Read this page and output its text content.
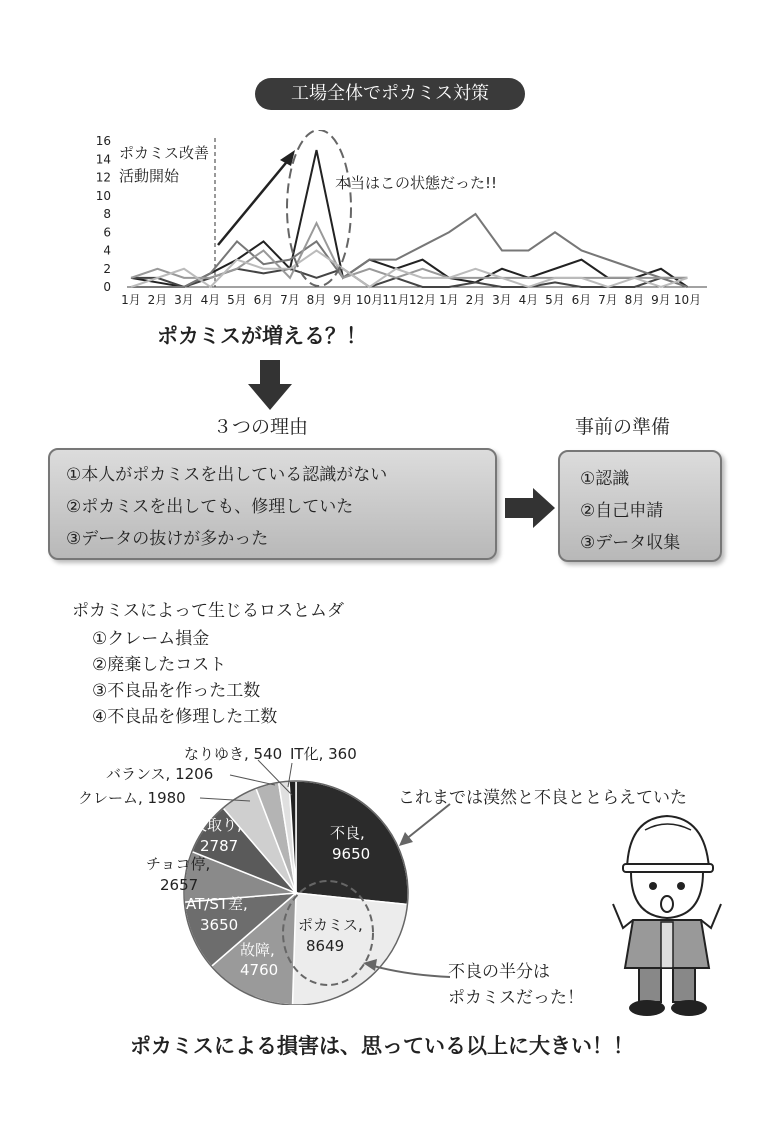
工場全体でポカミス対策
0
2
4
6
8
10
12
14
16
1月 2月 3月 4月 5月 6月 7月 8月 9月 10月 11月 12月 1月 2月 3月 4月 5月 6月 7月 8月 9月 10月
ポカミス改善
活動開始	本当はこの状態だった!!
ポカミスが増える？！
３つの理由	事前の準備
①本人がポカミスを出している認識がない
②ポカミスを出しても、修理していた
③データの抜けが多かった
①認識
②自己申請
③データ収集
ポカミスによって生じるロスとムダ
①クレーム損金
②廃棄したコスト
③不良品を作った工数
④不良品を修理した工数
なりゆき, 540 IT化, 360
バランス, 1206
クレーム, 1980
不良,
9650
ポカミス,
8649
故障,
4760
AT/ST差,
3650
チョコ停,
2657
段取り,
2787
これまでは漠然と不良ととらえていた
不良の半分は
ポカミスだった！
ポカミスによる損害は、思っている以上に大きい！！
